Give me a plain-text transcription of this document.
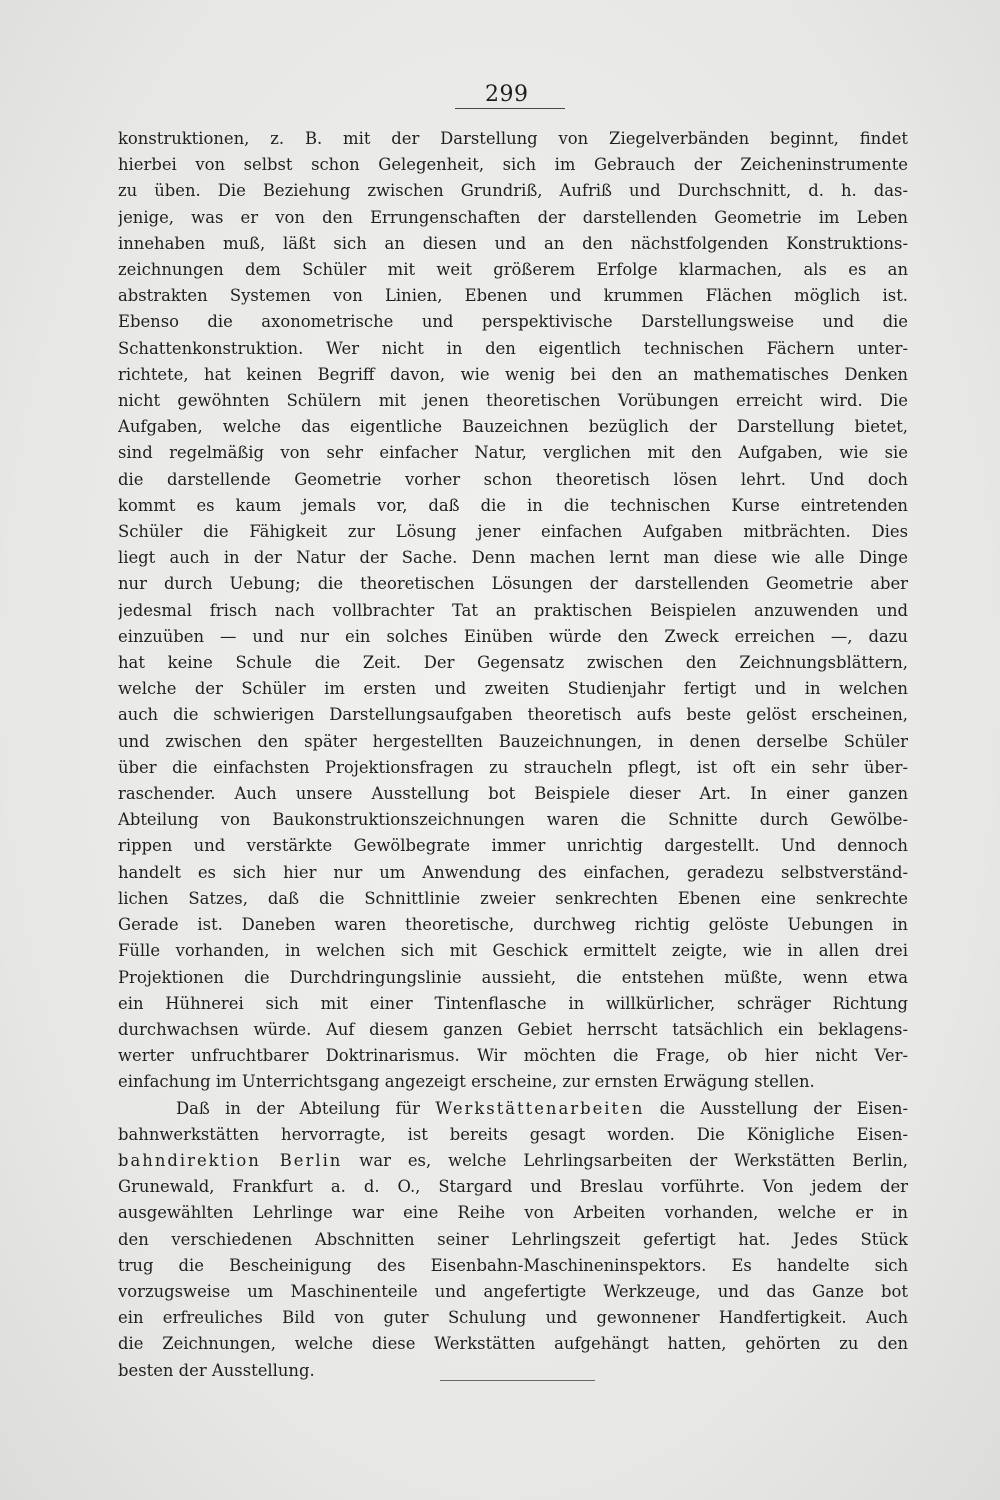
299
konstruktionen, z. B. mit der Darstellung von Ziegelverbänden beginnt, findet
hierbei von selbst schon Gelegenheit, sich im Gebrauch der Zeicheninstrumente
zu üben. Die Beziehung zwischen Grundriß, Aufriß und Durchschnitt, d. h. das-
jenige, was er von den Errungenschaften der darstellenden Geometrie im Leben
innehaben muß, läßt sich an diesen und an den nächstfolgenden Konstruktions-
zeichnungen dem Schüler mit weit größerem Erfolge klarmachen, als es an
abstrakten Systemen von Linien, Ebenen und krummen Flächen möglich ist.
Ebenso die axonometrische und perspektivische Darstellungsweise und die
Schattenkonstruktion. Wer nicht in den eigentlich technischen Fächern unter-
richtete, hat keinen Begriff davon, wie wenig bei den an mathematisches Denken
nicht gewöhnten Schülern mit jenen theoretischen Vorübungen erreicht wird. Die
Aufgaben, welche das eigentliche Bauzeichnen bezüglich der Darstellung bietet,
sind regelmäßig von sehr einfacher Natur, verglichen mit den Aufgaben, wie sie
die darstellende Geometrie vorher schon theoretisch lösen lehrt. Und doch
kommt es kaum jemals vor, daß die in die technischen Kurse eintretenden
Schüler die Fähigkeit zur Lösung jener einfachen Aufgaben mitbrächten. Dies
liegt auch in der Natur der Sache. Denn machen lernt man diese wie alle Dinge
nur durch Uebung; die theoretischen Lösungen der darstellenden Geometrie aber
jedesmal frisch nach vollbrachter Tat an praktischen Beispielen anzuwenden und
einzuüben — und nur ein solches Einüben würde den Zweck erreichen —, dazu
hat keine Schule die Zeit. Der Gegensatz zwischen den Zeichnungsblättern,
welche der Schüler im ersten und zweiten Studienjahr fertigt und in welchen
auch die schwierigen Darstellungsaufgaben theoretisch aufs beste gelöst erscheinen,
und zwischen den später hergestellten Bauzeichnungen, in denen derselbe Schüler
über die einfachsten Projektionsfragen zu straucheln pflegt, ist oft ein sehr über-
raschender. Auch unsere Ausstellung bot Beispiele dieser Art. In einer ganzen
Abteilung von Baukonstruktionszeichnungen waren die Schnitte durch Gewölbe-
rippen und verstärkte Gewölbegrate immer unrichtig dargestellt. Und dennoch
handelt es sich hier nur um Anwendung des einfachen, geradezu selbstverständ-
lichen Satzes, daß die Schnittlinie zweier senkrechten Ebenen eine senkrechte
Gerade ist. Daneben waren theoretische, durchweg richtig gelöste Uebungen in
Fülle vorhanden, in welchen sich mit Geschick ermittelt zeigte, wie in allen drei
Projektionen die Durchdringungslinie aussieht, die entstehen müßte, wenn etwa
ein Hühnerei sich mit einer Tintenflasche in willkürlicher, schräger Richtung
durchwachsen würde. Auf diesem ganzen Gebiet herrscht tatsächlich ein beklagens-
werter unfruchtbarer Doktrinarismus. Wir möchten die Frage, ob hier nicht Ver-
einfachung im Unterrichtsgang angezeigt erscheine, zur ernsten Erwägung stellen.
Daß in der Abteilung für Werkstättenarbeiten die Ausstellung der Eisen-
bahnwerkstätten hervorragte, ist bereits gesagt worden. Die Königliche Eisen-
bahndirektion Berlin war es, welche Lehrlingsarbeiten der Werkstätten Berlin,
Grunewald, Frankfurt a. d. O., Stargard und Breslau vorführte. Von jedem der
ausgewählten Lehrlinge war eine Reihe von Arbeiten vorhanden, welche er in
den verschiedenen Abschnitten seiner Lehrlingszeit gefertigt hat. Jedes Stück
trug die Bescheinigung des Eisenbahn-Maschineninspektors. Es handelte sich
vorzugsweise um Maschinenteile und angefertigte Werkzeuge, und das Ganze bot
ein erfreuliches Bild von guter Schulung und gewonnener Handfertigkeit. Auch
die Zeichnungen, welche diese Werkstätten aufgehängt hatten, gehörten zu den
besten der Ausstellung.
